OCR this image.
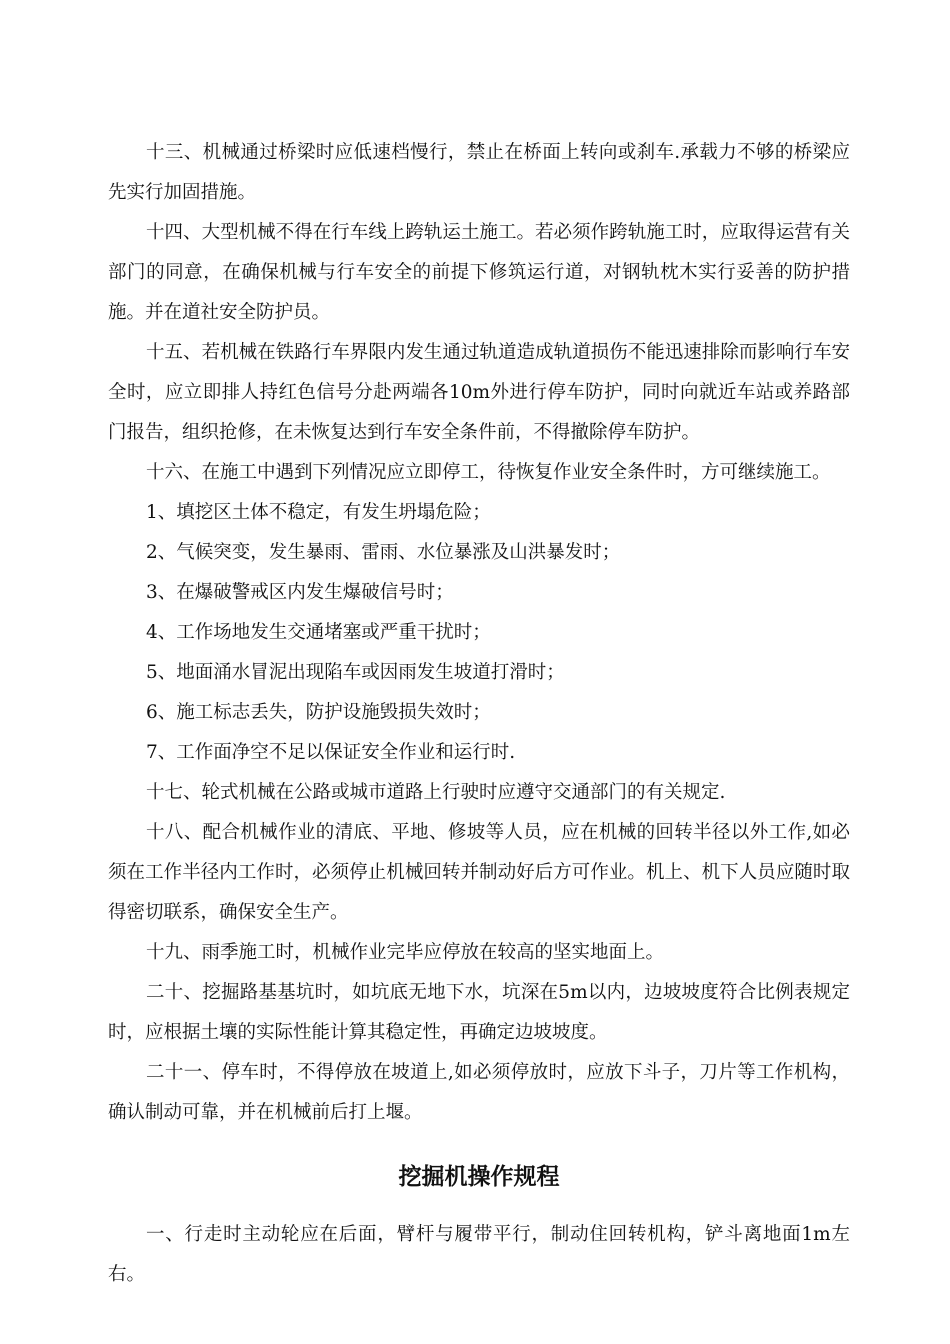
十三、机械通过桥梁时应低速档慢行，禁止在桥面上转向或刹车.承载力不够的桥梁应先实行加固措施。

十四、大型机械不得在行车线上跨轨运土施工。若必须作跨轨施工时，应取得运营有关部门的同意，在确保机械与行车安全的前提下修筑运行道，对钢轨枕木实行妥善的防护措施。并在道社安全防护员。

十五、若机械在铁路行车界限内发生通过轨道造成轨道损伤不能迅速排除而影响行车安全时，应立即排人持红色信号分赴两端各10m外进行停车防护，同时向就近车站或养路部门报告，组织抢修，在未恢复达到行车安全条件前，不得撤除停车防护。

十六、在施工中遇到下列情况应立即停工，待恢复作业安全条件时，方可继续施工。

1、填挖区土体不稳定，有发生坍塌危险；

2、气候突变，发生暴雨、雷雨、水位暴涨及山洪暴发时；

3、在爆破警戒区内发生爆破信号时；

4、工作场地发生交通堵塞或严重干扰时；

5、地面涌水冒泥出现陷车或因雨发生坡道打滑时；

6、施工标志丢失，防护设施毁损失效时；

7、工作面净空不足以保证安全作业和运行时.

十七、轮式机械在公路或城市道路上行驶时应遵守交通部门的有关规定.

十八、配合机械作业的清底、平地、修坡等人员，应在机械的回转半径以外工作,如必须在工作半径内工作时，必须停止机械回转并制动好后方可作业。机上、机下人员应随时取得密切联系，确保安全生产。

十九、雨季施工时，机械作业完毕应停放在较高的坚实地面上。

二十、挖掘路基基坑时，如坑底无地下水，坑深在5m以内，边坡坡度符合比例表规定时，应根据土壤的实际性能计算其稳定性，再确定边坡坡度。

二十一、停车时，不得停放在坡道上,如必须停放时，应放下斗子，刀片等工作机构，确认制动可靠，并在机械前后打上堰。

挖掘机操作规程

一、行走时主动轮应在后面，臂杆与履带平行，制动住回转机构，铲斗离地面1m左右。
